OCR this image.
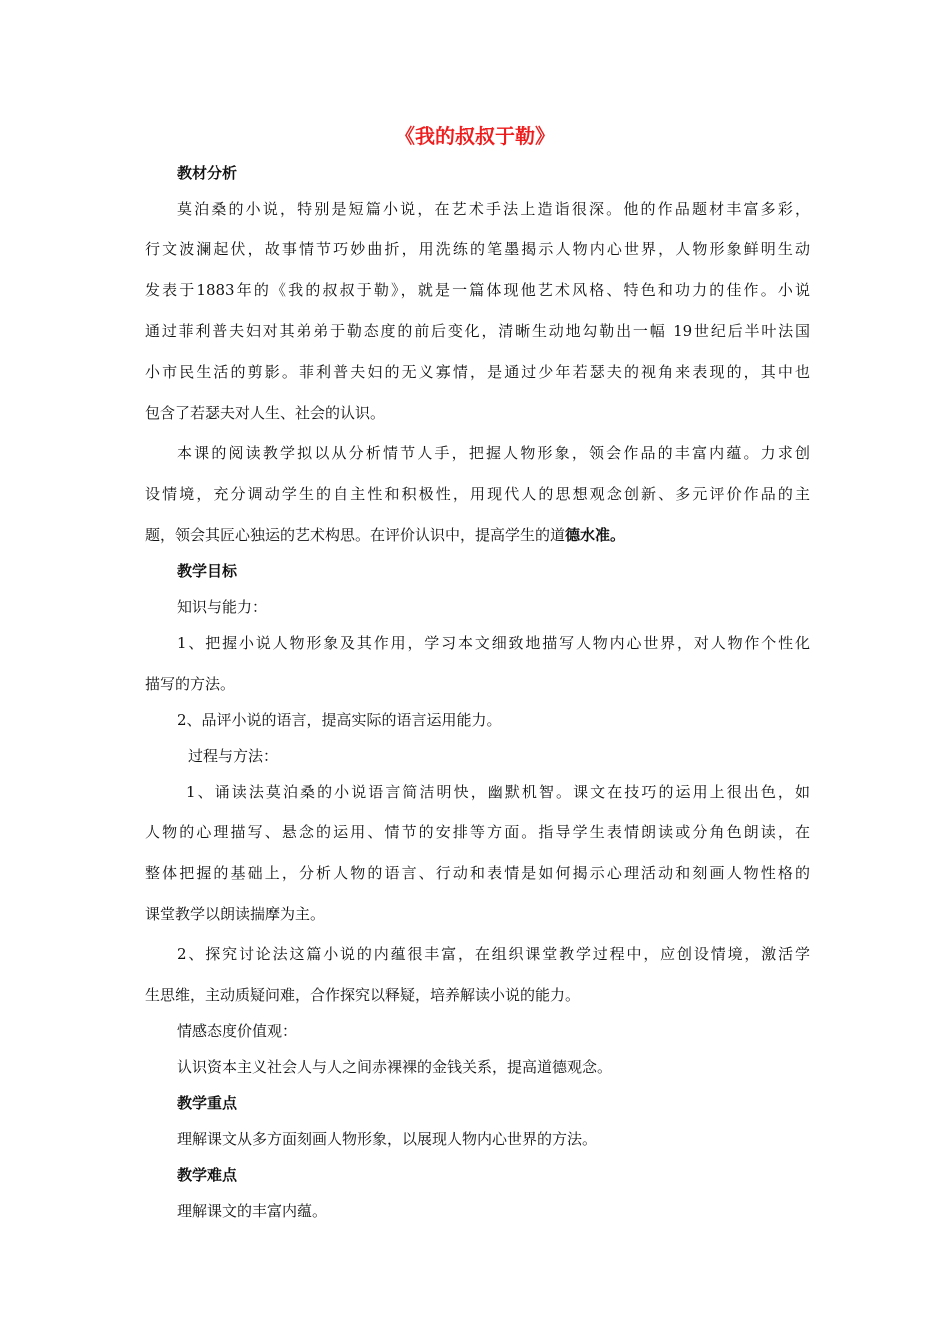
《我的叔叔于勒》
教材分析
莫泊桑的小说，特别是短篇小说，在艺术手法上造诣很深。他的作品题材丰富多彩，
行文波澜起伏，故事情节巧妙曲折，用洗练的笔墨揭示人物内心世界，人物形象鲜明生动
发表于1883年的《我的叔叔于勒》，就是一篇体现他艺术风格、特色和功力的佳作。小说
通过菲利普夫妇对其弟弟于勒态度的前后变化，清晰生动地勾勒出一幅 19世纪后半叶法国
小市民生活的剪影。菲利普夫妇的无义寡情，是通过少年若瑟夫的视角来表现的，其中也
包含了若瑟夫对人生、社会的认识。
本课的阅读教学拟以从分析情节人手，把握人物形象，领会作品的丰富内蕴。力求创
设情境，充分调动学生的自主性和积极性，用现代人的思想观念创新、多元评价作品的主
题，领会其匠心独运的艺术构思。在评价认识中，提高学生的道德水准。
教学目标
知识与能力：
1、把握小说人物形象及其作用，学习本文细致地描写人物内心世界，对人物作个性化
描写的方法。
2、品评小说的语言，提高实际的语言运用能力。
过程与方法：
1、诵读法莫泊桑的小说语言简洁明快，幽默机智。课文在技巧的运用上很出色，如
人物的心理描写、悬念的运用、情节的安排等方面。指导学生表情朗读或分角色朗读，在
整体把握的基础上，分析人物的语言、行动和表情是如何揭示心理活动和刻画人物性格的
课堂教学以朗读揣摩为主。
2、探究讨论法这篇小说的内蕴很丰富，在组织课堂教学过程中，应创设情境，激活学
生思维，主动质疑问难，合作探究以释疑，培养解读小说的能力。
情感态度价值观：
认识资本主义社会人与人之间赤裸裸的金钱关系，提高道德观念。
教学重点
理解课文从多方面刻画人物形象，以展现人物内心世界的方法。
教学难点
理解课文的丰富内蕴。
